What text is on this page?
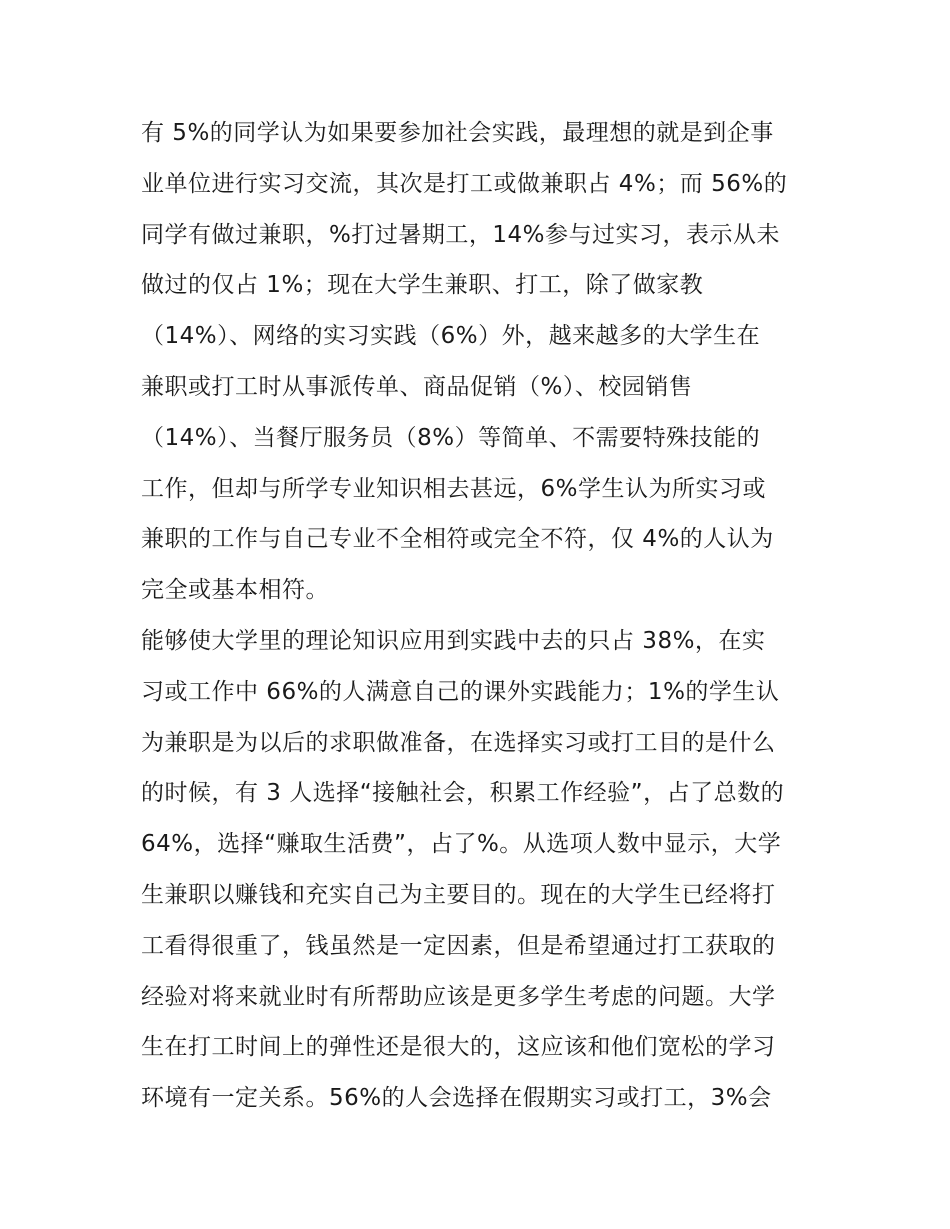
有 5%的同学认为如果要参加社会实践，最理想的就是到企事
业单位进行实习交流，其次是打工或做兼职占 4%；而 56%的
同学有做过兼职，%打过暑期工，14%参与过实习，表示从未
做过的仅占 1%；现在大学生兼职、打工，除了做家教
（14%）、网络的实习实践（6%）外，越来越多的大学生在
兼职或打工时从事派传单、商品促销（%）、校园销售
（14%）、当餐厅服务员（8%）等简单、不需要特殊技能的
工作，但却与所学专业知识相去甚远，6%学生认为所实习或
兼职的工作与自己专业不全相符或完全不符，仅 4%的人认为
完全或基本相符。
能够使大学里的理论知识应用到实践中去的只占 38%，在实
习或工作中 66%的人满意自己的课外实践能力；1%的学生认
为兼职是为以后的求职做准备，在选择实习或打工目的是什么
的时候，有 3 人选择“接触社会，积累工作经验”，占了总数的
64%，选择“赚取生活费”，占了%。从选项人数中显示，大学
生兼职以赚钱和充实自己为主要目的。现在的大学生已经将打
工看得很重了，钱虽然是一定因素，但是希望通过打工获取的
经验对将来就业时有所帮助应该是更多学生考虑的问题。大学
生在打工时间上的弹性还是很大的，这应该和他们宽松的学习
环境有一定关系。56%的人会选择在假期实习或打工，3%会
